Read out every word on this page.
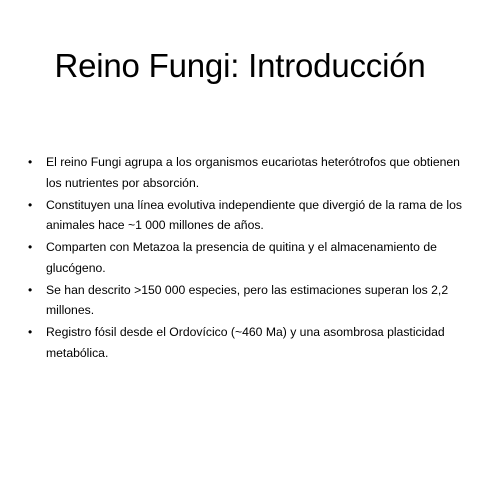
Reino Fungi: Introducción
• El reino Fungi agrupa a los organismos eucariotas heterótrofos que obtienen los nutrientes por absorción.
• Constituyen una línea evolutiva independiente que divergió de la rama de los animales hace ~1 000 millones de años.
• Comparten con Metazoa la presencia de quitina y el almacenamiento de glucógeno.
• Se han descrito >150 000 especies, pero las estimaciones superan los 2,2 millones.
• Registro fósil desde el Ordovícico (~460 Ma) y una asombrosa plasticidad metabólica.
